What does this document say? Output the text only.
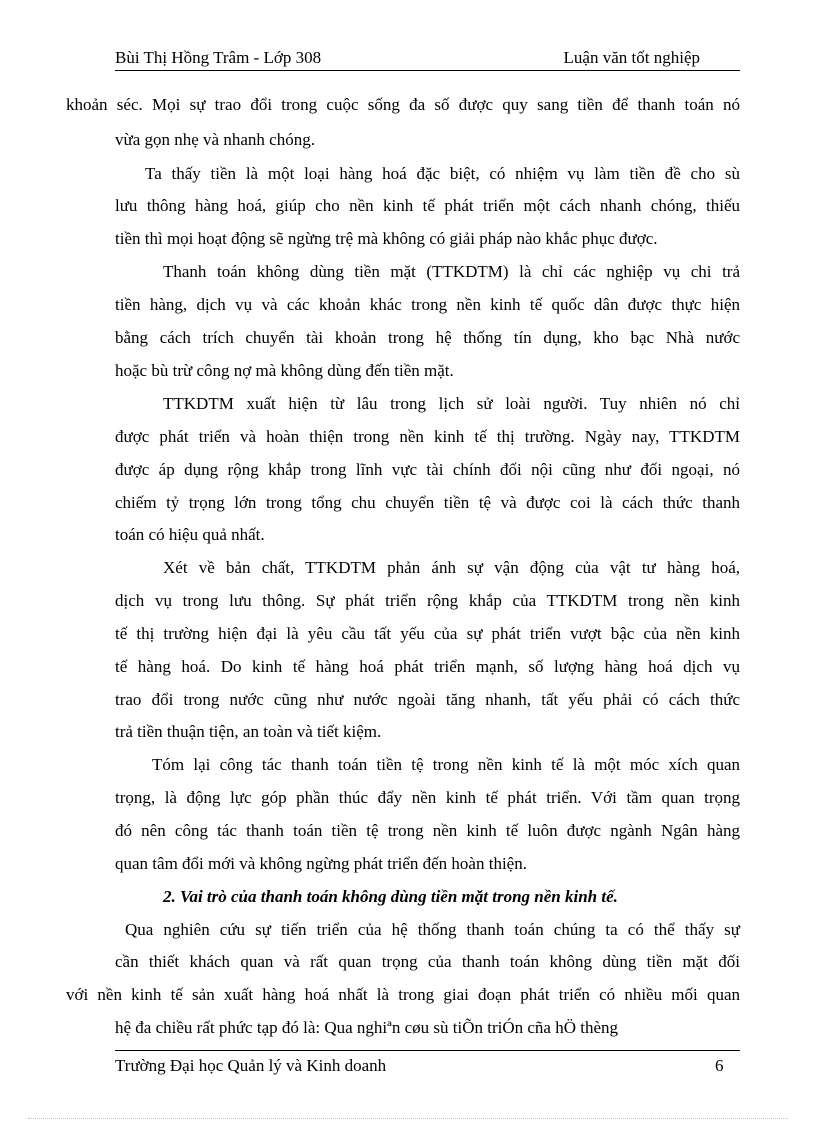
Bùi Thị Hồng Trâm - Lớp 308	Luận văn tốt nghiệp
khoản séc. Mọi sự trao đổi trong cuộc sống đa số được quy sang tiền để thanh toán nó
vừa gọn nhẹ và nhanh chóng.
Ta thấy tiền là một loại hàng hoá đặc biệt, có nhiệm vụ làm tiền đề cho sù
lưu thông hàng hoá, giúp cho nền kinh tế phát triển một cách nhanh chóng, thiếu
tiền thì mọi hoạt động sẽ ngừng trệ mà không có giải pháp nào khắc phục được.
Thanh toán không dùng tiền mặt (TTKDTM) là chỉ các nghiệp vụ chi trả
tiền hàng, dịch vụ và các khoản khác trong nền kinh tế quốc dân được thực hiện
bằng cách trích chuyển tài khoản trong hệ thống tín dụng, kho bạc Nhà nước
hoặc bù trừ công nợ mà không dùng đến tiền mặt.
TTKDTM xuất hiện từ lâu trong lịch sử loài người. Tuy nhiên nó chỉ
được phát triển và hoàn thiện trong nền kinh tế thị trường. Ngày nay, TTKDTM
được áp dụng rộng khắp trong lĩnh vực tài chính đối nội cũng như đối ngoại, nó
chiếm tỷ trọng lớn trong tổng chu chuyển tiền tệ và được coi là cách thức thanh
toán có hiệu quả nhất.
Xét về bản chất, TTKDTM phản ánh sự vận động của vật tư hàng hoá,
dịch vụ trong lưu thông. Sự phát triển rộng khắp của TTKDTM trong nền kinh
tế thị trường hiện đại là yêu cầu tất yếu của sự phát triển vượt bậc của nền kinh
tế hàng hoá. Do kinh tế hàng hoá phát triển mạnh, số lượng hàng hoá dịch vụ
trao đổi trong nước cũng như nước ngoài tăng nhanh, tất yếu phải có cách thức
trả tiền thuận tiện, an toàn và tiết kiệm.
Tóm lại công tác thanh toán tiền tệ trong nền kinh tế là một móc xích quan
trọng, là động lực góp phần thúc đẩy nền kinh tế phát triển. Với tầm quan trọng
đó nên công tác thanh toán tiền tệ trong nền kinh tế luôn được ngành Ngân hàng
quan tâm đổi mới và không ngừng phát triển đến hoàn thiện.
2. Vai trò của thanh toán không dùng tiền mặt trong nền kinh tế.
Qua nghiên cứu sự tiến triển của hệ thống thanh toán chúng ta có thể thấy sự
cần thiết khách quan và rất quan trọng của thanh toán không dùng tiền mặt đối
với nền kinh tế sản xuất hàng hoá nhất là trong giai đoạn phát triển có nhiều mối quan
hệ đa chiều rất phức tạp đó là: Qua nghiªn cøu sù tiÕn triÓn cña hÖ thèng
Trường Đại học Quản lý và Kinh doanh	6
